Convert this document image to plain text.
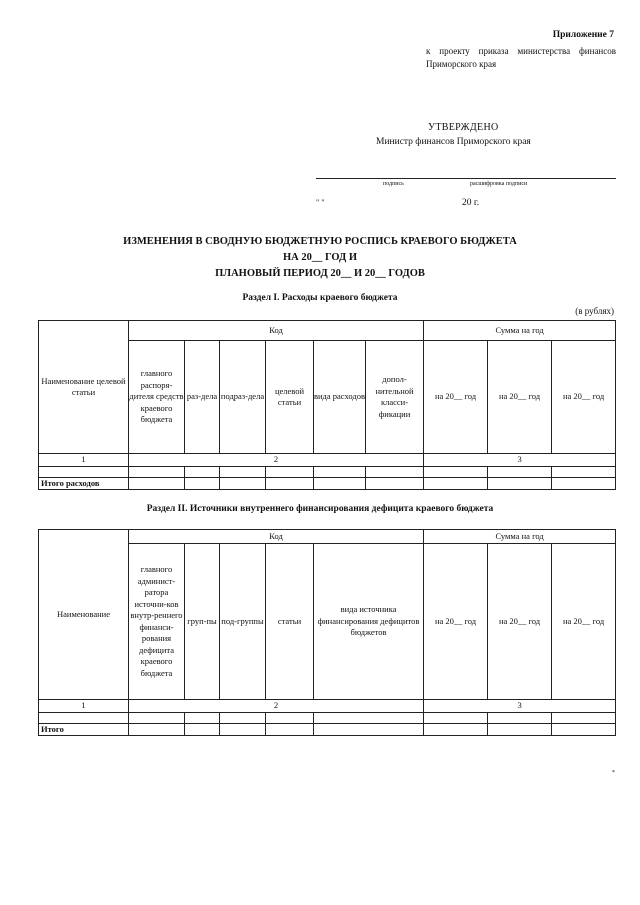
Приложение 7
к проекту приказа министерства финансов Приморского края
УТВЕРЖДЕНО
Министр финансов Приморского края
подпись	расшифровка подписи
" "	20 г.
ИЗМЕНЕНИЯ В СВОДНУЮ БЮДЖЕТНУЮ РОСПИСЬ КРАЕВОГО БЮДЖЕТА
НА 20__ ГОД И
ПЛАНОВЫЙ ПЕРИОД 20__ И 20__ ГОДОВ
Раздел I. Расходы краевого бюджета
(в рублях)
Наименование целевой статьи	Код						Сумма на год		
	главного распоря-дителя средств краевого бюджета	раз-дела	подраз-дела	целевой статьи	вида расходов	допол-нительной класси-фикации	на 20__ год	на 20__ год	на 20__ год
1	2						3		

Итого расходов									
Раздел II. Источники внутреннего финансирования дефицита краевого бюджета
Наименование	Код					Сумма на год		
	главного админист-ратора источни-ков внутр-реннего финанси-рования дефицита краевого бюджета	груп-пы	под-группы	статьи	вида источника финансирования дефицитов бюджетов	на 20__ год	на 20__ год	на 20__ год
1	2					3		

Итого								
*
